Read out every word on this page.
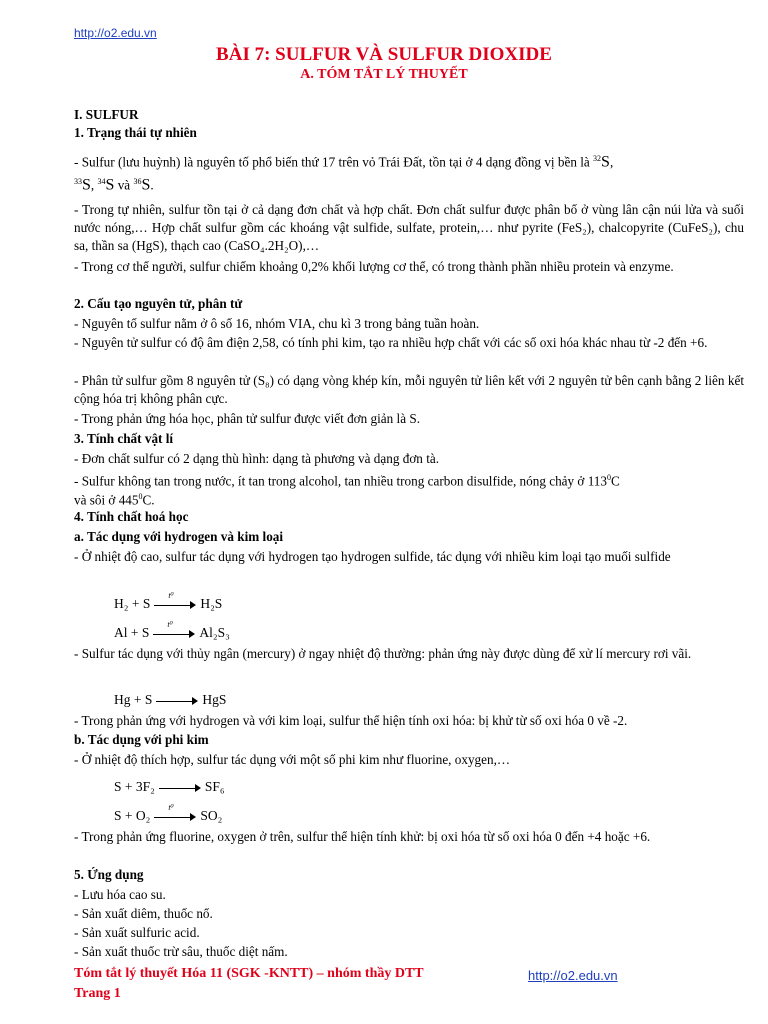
http://o2.edu.vn
BÀI 7: SULFUR VÀ SULFUR DIOXIDE
A. TÓM TẮT LÝ THUYẾT
I. SULFUR
1. Trạng thái tự nhiên
- Sulfur (lưu huỳnh) là nguyên tố phổ biến thứ 17 trên vỏ Trái Đất, tồn tại ở 4 dạng đồng vị bền là $^{32}$S,
$^{33}$S, $^{34}$S và $^{36}$S.
- Trong tự nhiên, sulfur tồn tại ở cả dạng đơn chất và hợp chất. Đơn chất sulfur được phân bố ở vùng lân cận núi lửa và suối nước nóng,… Hợp chất sulfur gồm các khoáng vật sulfide, sulfate, protein,… như pyrite (FeS₂), chalcopyrite (CuFeS₂), chu sa, thần sa (HgS), thạch cao (CaSO₄.2H₂O),…
- Trong cơ thể người, sulfur chiếm khoảng 0,2% khối lượng cơ thể, có trong thành phần nhiều protein và enzyme.
2. Cấu tạo nguyên tử, phân tử
- Nguyên tố sulfur nằm ở ô số 16, nhóm VIA, chu kì 3 trong bảng tuần hoàn.
- Nguyên tử sulfur có độ âm điện 2,58, có tính phi kim, tạo ra nhiều hợp chất với các số oxi hóa khác nhau từ -2 đến +6.
- Phân tử sulfur gồm 8 nguyên tử (S₈) có dạng vòng khép kín, mỗi nguyên tử liên kết với 2 nguyên tử bên cạnh bằng 2 liên kết cộng hóa trị không phân cực.
- Trong phản ứng hóa học, phân tử sulfur được viết đơn giản là S.
3. Tính chất vật lí
- Đơn chất sulfur có 2 dạng thù hình: dạng tà phương và dạng đơn tà.
- Sulfur không tan trong nước, ít tan trong alcohol, tan nhiều trong carbon disulfide, nóng chảy ở $113^0C$
và sôi ở $445^0C$.
4. Tính chất hoá học
a. Tác dụng với hydrogen và kim loại
- Ở nhiệt độ cao, sulfur tác dụng với hydrogen tạo hydrogen sulfide, tác dụng với nhiều kim loại tạo muối sulfide
H₂ + S
t⁰
H₂S
Al + S
t⁰
Al₂S₃
- Sulfur tác dụng với thủy ngân (mercury) ở ngay nhiệt độ thường: phản ứng này được dùng để xử lí mercury rơi vãi.
Hg + S	HgS
- Trong phản ứng với hydrogen và với kim loại, sulfur thể hiện tính oxi hóa: bị khử từ số oxi hóa 0 về -2.
b. Tác dụng với phi kim
- Ở nhiệt độ thích hợp, sulfur tác dụng với một số phi kim như fluorine, oxygen,…
S + 3F₂	SF₆
S + O₂
t⁰
SO₂
- Trong phản ứng fluorine, oxygen ở trên, sulfur thể hiện tính khử: bị oxi hóa từ số oxi hóa 0 đến +4 hoặc +6.
5. Ứng dụng
- Lưu hóa cao su.
- Sản xuất diêm, thuốc nổ.
- Sản xuất sulfuric acid.
- Sản xuất thuốc trừ sâu, thuốc diệt nấm.
Tóm tắt lý thuyết Hóa 11 (SGK -KNTT) – nhóm thầy DTT	http://o2.edu.vn
Trang 1
